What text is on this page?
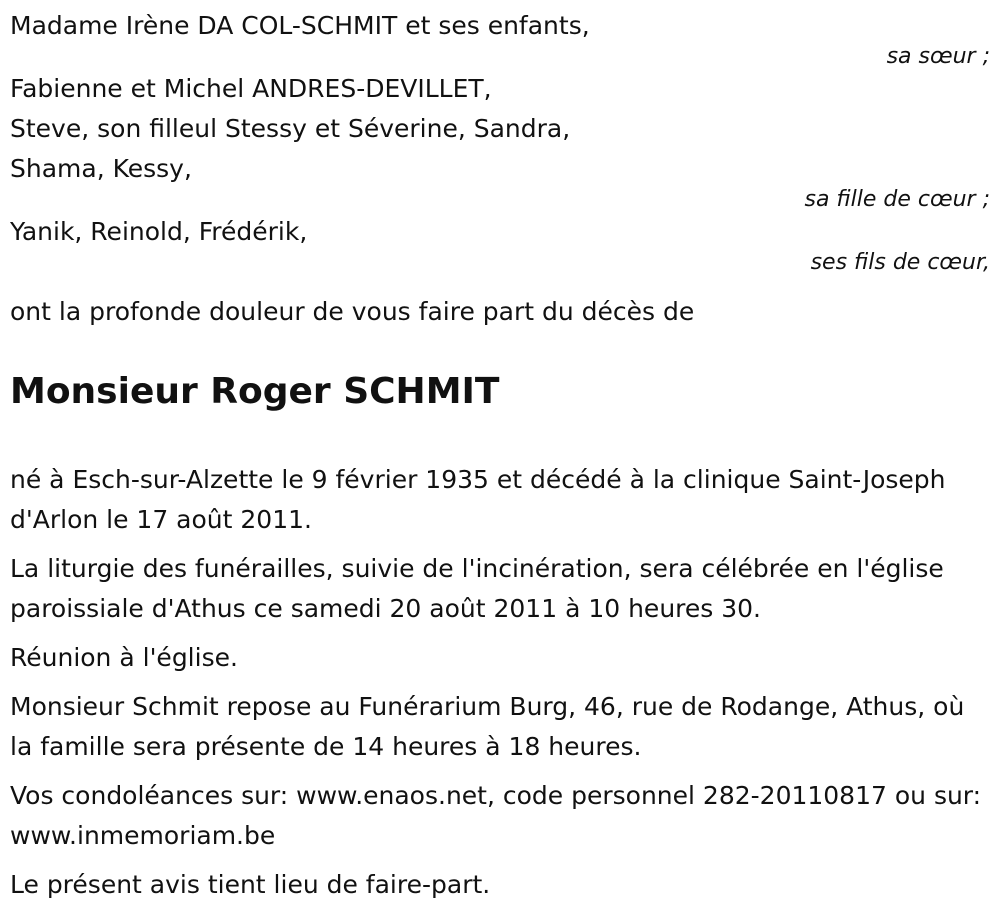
Madame Irène DA COL-SCHMIT et ses enfants,

sa sœur ;

Fabienne et Michel ANDRES-DEVILLET,

Steve, son filleul Stessy et Séverine, Sandra,

Shama, Kessy,

sa fille de cœur ;

Yanik, Reinold, Frédérik,

ses fils de cœur,

ont la profonde douleur de vous faire part du décès de

Monsieur Roger SCHMIT

né à Esch-sur-Alzette le 9 février 1935 et décédé à la clinique Saint-Joseph d'Arlon le 17 août 2011.

La liturgie des funérailles, suivie de l'incinération, sera célébrée en l'église paroissiale d'Athus ce samedi 20 août 2011 à 10 heures 30.

Réunion à l'église.

Monsieur Schmit repose au Funérarium Burg, 46, rue de Rodange, Athus, où la famille sera présente de 14 heures à 18 heures.

Vos condoléances sur: www.enaos.net, code personnel 282-20110817 ou sur: www.inmemoriam.be

Le présent avis tient lieu de faire-part.
